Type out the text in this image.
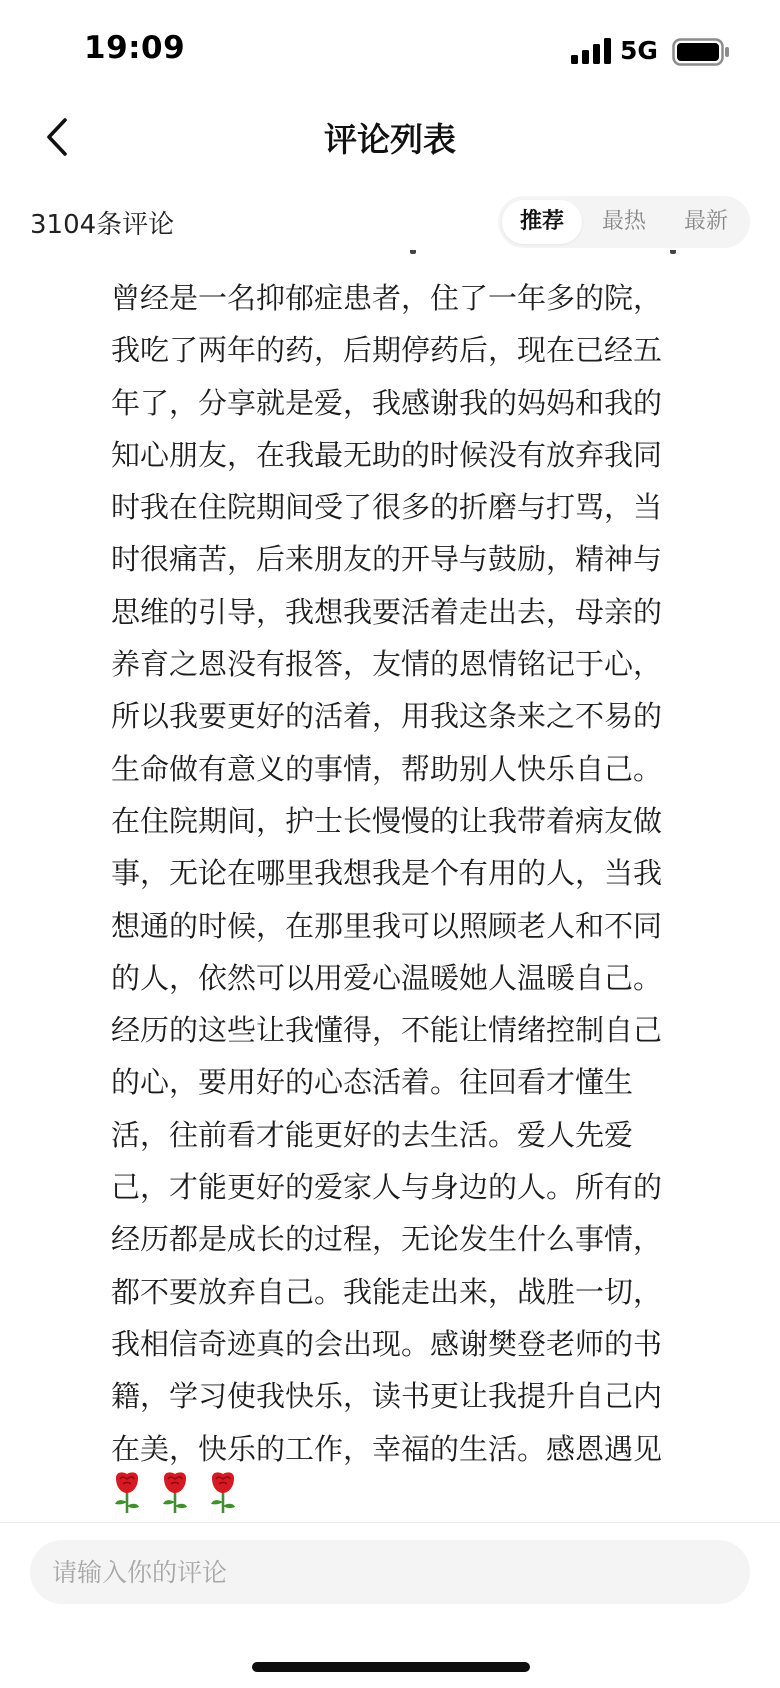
19:09	5G
评论列表
3104条评论	推荐	最热	最新
曾经是一名抑郁症患者，住了一年多的院，
我吃了两年的药，后期停药后，现在已经五
年了，分享就是爱，我感谢我的妈妈和我的
知心朋友，在我最无助的时候没有放弃我同
时我在住院期间受了很多的折磨与打骂，当
时很痛苦，后来朋友的开导与鼓励，精神与
思维的引导，我想我要活着走出去，母亲的
养育之恩没有报答，友情的恩情铭记于心，
所以我要更好的活着，用我这条来之不易的
生命做有意义的事情，帮助别人快乐自己。
在住院期间，护士长慢慢的让我带着病友做
事，无论在哪里我想我是个有用的人，当我
想通的时候，在那里我可以照顾老人和不同
的人，依然可以用爱心温暖她人温暖自己。
经历的这些让我懂得，不能让情绪控制自己
的心，要用好的心态活着。往回看才懂生
活，往前看才能更好的去生活。爱人先爱
己，才能更好的爱家人与身边的人。所有的
经历都是成长的过程，无论发生什么事情，
都不要放弃自己。我能走出来，战胜一切，
我相信奇迹真的会出现。感谢樊登老师的书
籍，学习使我快乐，读书更让我提升自己内
在美，快乐的工作，幸福的生活。感恩遇见
请输入你的评论
